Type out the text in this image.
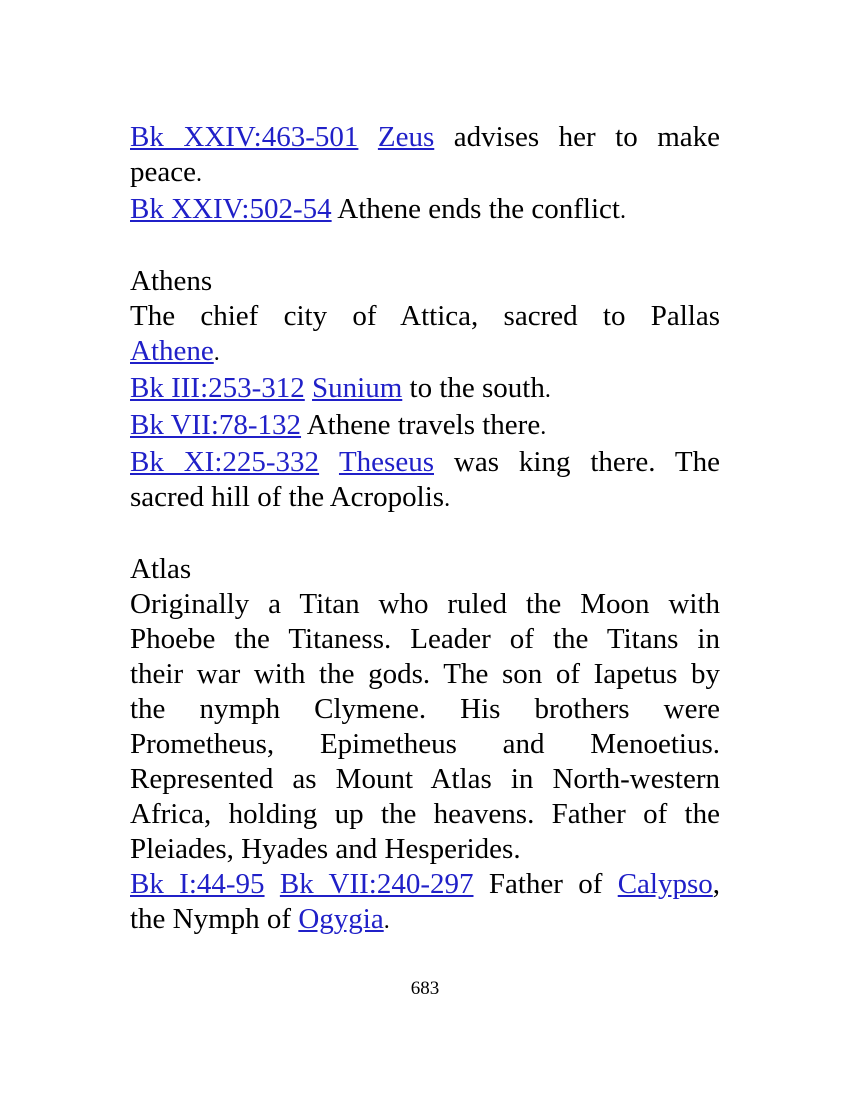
Bk XXIV:463-501 Zeus advises her to make
peace.
Bk XXIV:502-54 Athene ends the conflict.
Athens
The chief city of Attica, sacred to Pallas
Athene.
Bk III:253-312 Sunium to the south.
Bk VII:78-132 Athene travels there.
Bk XI:225-332 Theseus was king there. The
sacred hill of the Acropolis.
Atlas
Originally a Titan who ruled the Moon with
Phoebe the Titaness. Leader of the Titans in
their war with the gods. The son of Iapetus by
the nymph Clymene. His brothers were
Prometheus, Epimetheus and Menoetius.
Represented as Mount Atlas in North-western
Africa, holding up the heavens. Father of the
Pleiades, Hyades and Hesperides.
Bk I:44-95 Bk VII:240-297 Father of Calypso,
the Nymph of Ogygia.
683
